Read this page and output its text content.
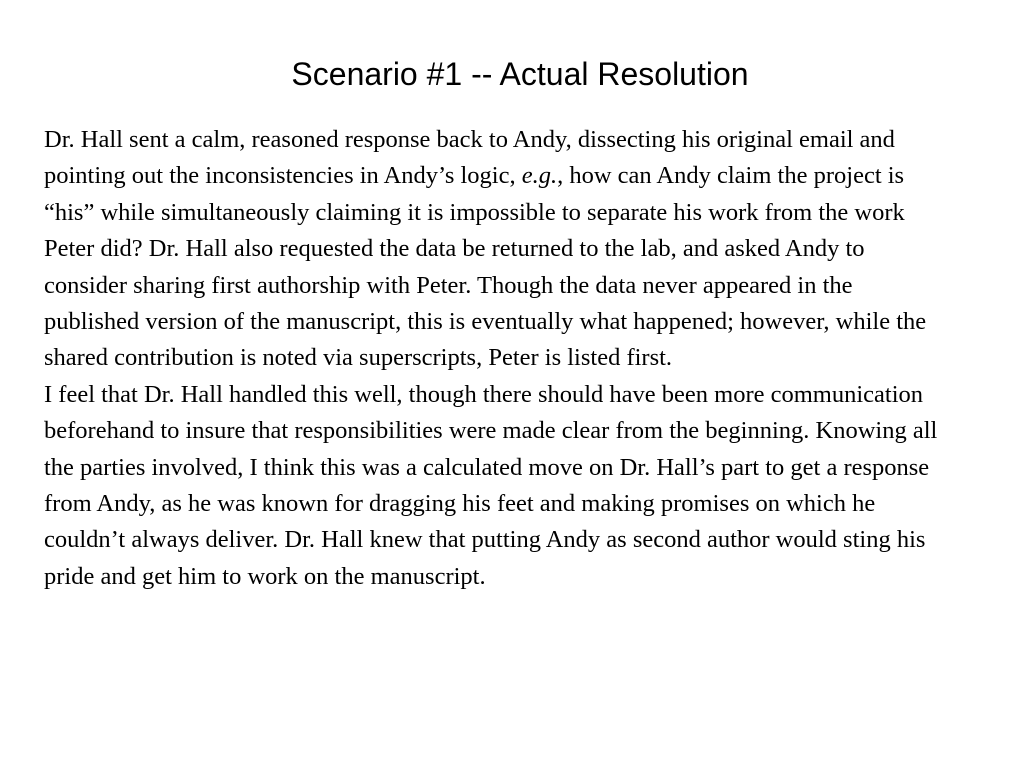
Scenario #1 -- Actual Resolution

Dr. Hall sent a calm, reasoned response back to Andy, dissecting his original email and pointing out the inconsistencies in Andy’s logic, e.g., how can Andy claim the project is “his” while simultaneously claiming it is impossible to separate his work from the work Peter did? Dr. Hall also requested the data be returned to the lab, and asked Andy to consider sharing first authorship with Peter. Though the data never appeared in the published version of the manuscript, this is eventually what happened; however, while the shared contribution is noted via superscripts, Peter is listed first.

I feel that Dr. Hall handled this well, though there should have been more communication beforehand to insure that responsibilities were made clear from the beginning. Knowing all the parties involved, I think this was a calculated move on Dr. Hall’s part to get a response from Andy, as he was known for dragging his feet and making promises on which he couldn’t always deliver. Dr. Hall knew that putting Andy as second author would sting his pride and get him to work on the manuscript.
